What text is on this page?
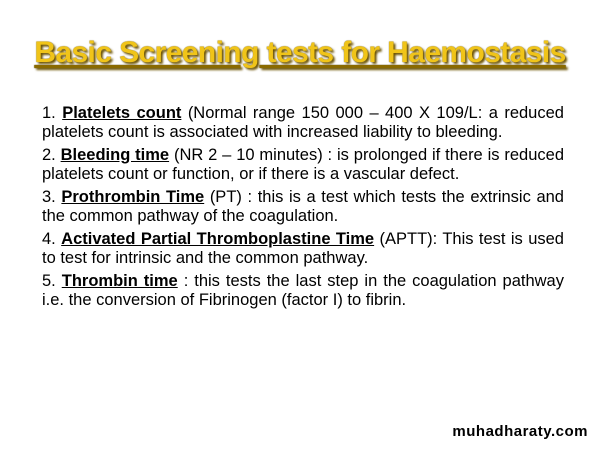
Basic Screening tests for Haemostasis
1. Platelets count (Normal range 150 000 – 400 X 109/L: a reduced platelets count is associated with increased liability to bleeding.
2. Bleeding time (NR 2 – 10 minutes) : is prolonged if there is reduced platelets count or function, or if there is a vascular defect.
3. Prothrombin Time (PT) : this is a test which tests the extrinsic and the common pathway of the coagulation.
4. Activated Partial Thromboplastine Time (APTT): This test is used to test for intrinsic and the common pathway.
5. Thrombin time : this tests the last step in the coagulation pathway i.e. the conversion of Fibrinogen (factor I) to fibrin.
muhadharaty.com
